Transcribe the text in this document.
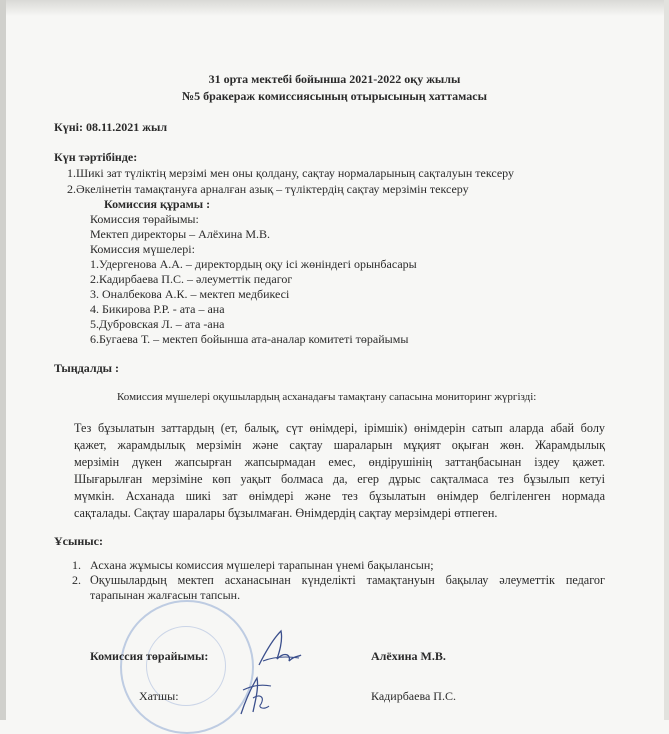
31 орта мектебі бойынша 2021-2022 оқу жылы
№5 бракераж комиссиясының отырысының хаттамасы
Күні: 08.11.2021 жыл
Күн тәртібінде:
1.Шикі зат түліктің мерзімі мен оны қолдану, сақтау нормаларының сақталуын тексеру
2.Әкелінетін тамақтануға арналған азық – түліктердің сақтау мерзімін тексеру
Комиссия құрамы :
Комиссия төрайымы:
Мектеп директоры – Алёхина М.В.
Комиссия мүшелері:
1.Удергенова А.А. – директордың оқу ісі жөніндегі орынбасары
2.Кадирбаева П.С. – әлеуметтік педагог
3. Оналбекова А.К. – мектеп медбикесі
4. Бикирова Р.Р. - ата – ана
5.Дубровская Л. – ата -ана
6.Бугаева Т. – мектеп бойынша ата-аналар комитеті төрайымы
Тыңдалды :
Комиссия мүшелері оқушылардың асханадағы тамақтану сапасына мониторинг жүргізді:
Тез бұзылатын заттардың (ет, балық, сүт өнімдері, ірімшік) өнімдерін сатып аларда абай болу
қажет, жарамдылық мерзімін және сақтау шараларын мұқият оқыған жөн. Жарамдылық
мерзімін дүкен жапсырған жапсырмадан емес, өндірушінің заттаңбасынан іздеу қажет.
Шығарылған мерзіміне көп уақыт болмаса да, егер дұрыс сақталмаса тез бұзылып кетуі
мүмкін. Асханада шикі зат өнімдері және тез бұзылатын өнімдер белгіленген нормада
сақталады. Сақтау шаралары бұзылмаған. Өнімдердің сақтау мерзімдері өтпеген.
Ұсыныс:
1. Асхана жұмысы комиссия мүшелері тарапынан үнемі бақылансын;
2. Оқушылардың мектеп асханасынан күнделікті тамақтануын бақылау әлеуметтік педагог
тарапынан жалғасын тапсын.
Комиссия төрайымы:	Алёхина М.В.
Хатшы:	Кадирбаева П.С.
